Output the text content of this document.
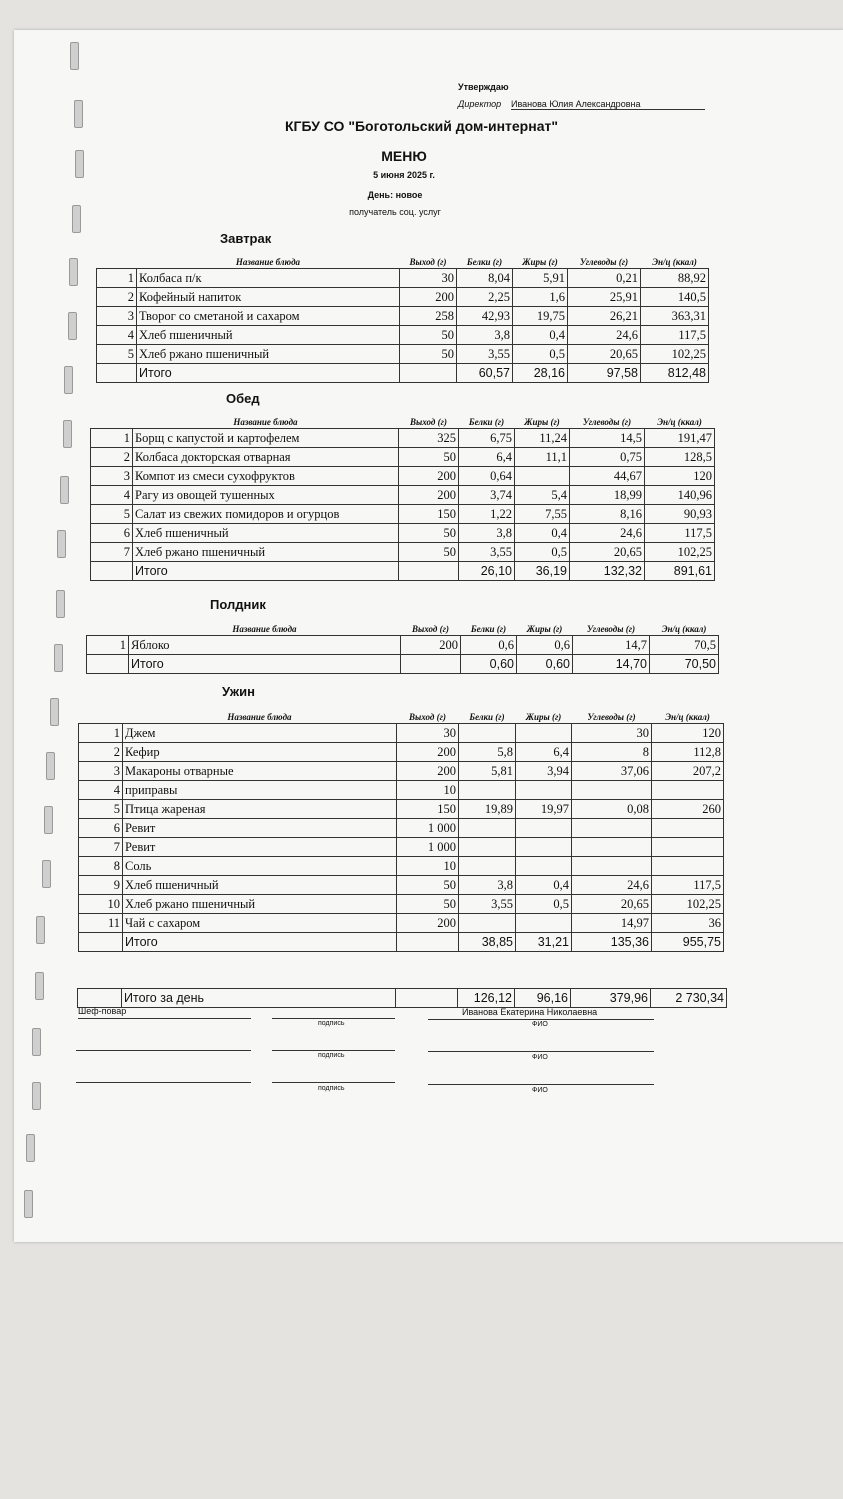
Утверждаю
Директор Иванова Юлия Александровна
КГБУ СО "Боготольский дом-интернат"
МЕНЮ
5 июня 2025 г.
День: новое
получатель соц. услуг
Завтрак
	Название блюда	Выход (г)	Белки (г)	Жиры (г)	Углеводы (г)	Эн/ц (ккал)
1	Колбаса п/к	30	8,04	5,91	0,21	88,92
2	Кофейный напиток	200	2,25	1,6	25,91	140,5
3	Творог со сметаной и сахаром	258	42,93	19,75	26,21	363,31
4	Хлеб пшеничный	50	3,8	0,4	24,6	117,5
5	Хлеб ржано пшеничный	50	3,55	0,5	20,65	102,25
	Итого		60,57	28,16	97,58	812,48
Обед
	Название блюда	Выход (г)	Белки (г)	Жиры (г)	Углеводы (г)	Эн/ц (ккал)
1	Борщ с капустой и картофелем	325	6,75	11,24	14,5	191,47
2	Колбаса докторская отварная	50	6,4	11,1	0,75	128,5
3	Компот из смеси сухофруктов	200	0,64		44,67	120
4	Рагу из овощей тушенных	200	3,74	5,4	18,99	140,96
5	Салат из свежих помидоров и огурцов	150	1,22	7,55	8,16	90,93
6	Хлеб пшеничный	50	3,8	0,4	24,6	117,5
7	Хлеб ржано пшеничный	50	3,55	0,5	20,65	102,25
	Итого		26,10	36,19	132,32	891,61
Полдник
	Название блюда	Выход (г)	Белки (г)	Жиры (г)	Углеводы (г)	Эн/ц (ккал)
1	Яблоко	200	0,6	0,6	14,7	70,5
	Итого		0,60	0,60	14,70	70,50
Ужин
	Название блюда	Выход (г)	Белки (г)	Жиры (г)	Углеводы (г)	Эн/ц (ккал)
1	Джем	30			30	120
2	Кефир	200	5,8	6,4	8	112,8
3	Макароны отварные	200	5,81	3,94	37,06	207,2
4	приправы	10				
5	Птица жареная	150	19,89	19,97	0,08	260
6	Ревит	1 000				
7	Ревит	1 000				
8	Соль	10				
9	Хлеб пшеничный	50	3,8	0,4	24,6	117,5
10	Хлеб ржано пшеничный	50	3,55	0,5	20,65	102,25
11	Чай с сахаром	200			14,97	36
	Итого		38,85	31,21	135,36	955,75
	Итого за день		126,12	96,16	379,96	2 730,34
Шеф-повар
подпись
Иванова Екатерина Николаевна
ФИО
подпись	ФИО
подпись	ФИО
